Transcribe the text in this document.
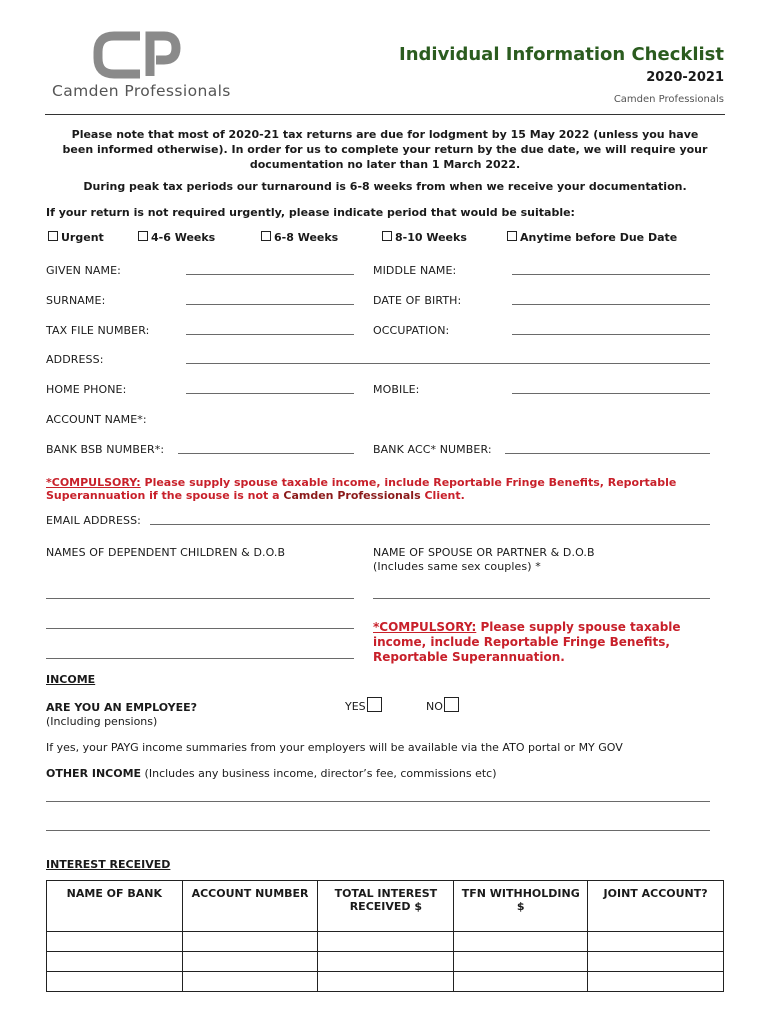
Camden Professionals
Individual Information Checklist
2020-2021
Camden Professionals
Please note that most of 2020-21 tax returns are due for lodgment by 15 May 2022 (unless you have
been informed otherwise). In order for us to complete your return by the due date, we will require your
documentation no later than 1 March 2022.
During peak tax periods our turnaround is 6-8 weeks from when we receive your documentation.
If your return is not required urgently, please indicate period that would be suitable:
Urgent	4-6 Weeks	6-8 Weeks	8-10 Weeks	Anytime before Due Date
GIVEN NAME:	MIDDLE NAME:
SURNAME:	DATE OF BIRTH:
TAX FILE NUMBER:	OCCUPATION:
ADDRESS:
HOME PHONE:	MOBILE:
ACCOUNT NAME*:
BANK BSB NUMBER*:	BANK ACC* NUMBER:
*COMPULSORY: Please supply spouse taxable income, include Reportable Fringe Benefits, Reportable
Superannuation if the spouse is not a Camden Professionals Client.
EMAIL ADDRESS:
NAMES OF DEPENDENT CHILDREN & D.O.B	NAME OF SPOUSE OR PARTNER & D.O.B
(Includes same sex couples) *
*COMPULSORY: Please supply spouse taxable
income, include Reportable Fringe Benefits,
Reportable Superannuation.
INCOME
ARE YOU AN EMPLOYEE?
(Including pensions)
YES	NO
If yes, your PAYG income summaries from your employers will be available via the ATO portal or MY GOV
OTHER INCOME (Includes any business income, director’s fee, commissions etc)
INTEREST RECEIVED
NAME OF BANK	ACCOUNT NUMBER	TOTAL INTEREST RECEIVED $	TFN WITHHOLDING $	JOINT ACCOUNT?
